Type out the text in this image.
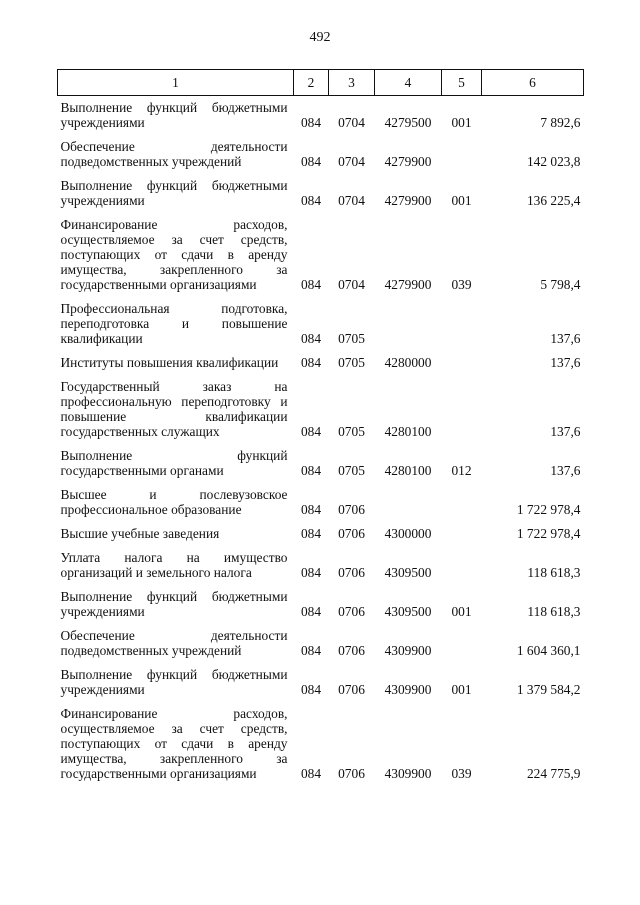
492
1	2	3	4	5	6
Выполнение функций бюджетными учреждениями	084	0704	4279500	001	7 892,6
Обеспечение деятельности подведомственных учреждений	084	0704	4279900		142 023,8
Выполнение функций бюджетными учреждениями	084	0704	4279900	001	136 225,4
Финансирование расходов, осуществляемое за счет средств, поступающих от сдачи в аренду имущества, закрепленного за государственными организациями	084	0704	4279900	039	5 798,4
Профессиональная подготовка, переподготовка и повышение квалификации	084	0705			137,6
Институты повышения квалификации	084	0705	4280000		137,6
Государственный заказ на профессиональную переподготовку и повышение квалификации государственных служащих	084	0705	4280100		137,6
Выполнение функций государственными органами	084	0705	4280100	012	137,6
Высшее и послевузовское профессиональное образование	084	0706			1 722 978,4
Высшие учебные заведения	084	0706	4300000		1 722 978,4
Уплата налога на имущество организаций и земельного налога	084	0706	4309500		118 618,3
Выполнение функций бюджетными учреждениями	084	0706	4309500	001	118 618,3
Обеспечение деятельности подведомственных учреждений	084	0706	4309900		1 604 360,1
Выполнение функций бюджетными учреждениями	084	0706	4309900	001	1 379 584,2
Финансирование расходов, осуществляемое за счет средств, поступающих от сдачи в аренду имущества, закрепленного за государственными организациями	084	0706	4309900	039	224 775,9
